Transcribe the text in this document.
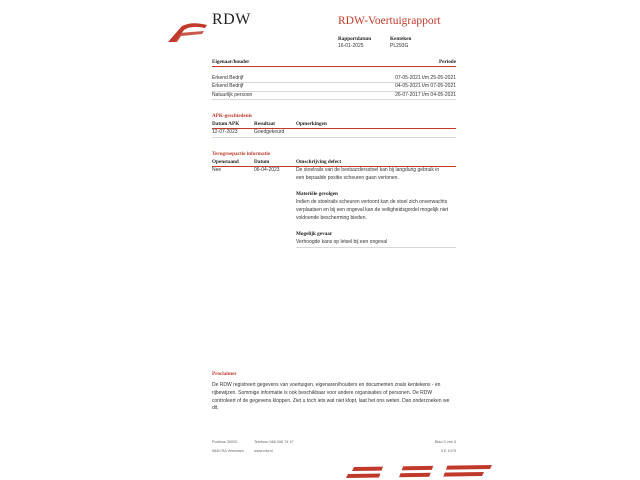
RDW	RDW-Voertuigrapport
Rapportdatum
16-01-2025
Kenteken
PL293G
Eigenaar/houder	Periode
Erkend Bedrijf	07-05-2021 t/m 25-05-2021
Erkend Bedrijf	04-05-2021 t/m 07-05-2021
Natuurlijk persoon	26-07-2017 t/m 04-05-2021
APK-geschiedenis
Datum APK	Resultaat	Opmerkingen
12-07-2023	Goedgekeurd
Terugroepactie informatie
Openstaand	Datum	Omschrijving defect
Nee	06-04-2023	De stoelrails van de bestuurdersstoel kan bij langdurig gebruik in een bepaalde positie scheuren gaan vertonen.
Materiële gevolgen
Indien de stoelrails scheuren vertoont kan de stoel zich onverwachts verplaatsen en bij een ongeval kan de veiligheidsgordel mogelijk niet voldoende bescherming bieden.
Mogelijk gevaar
Verhoogde kans op letsel bij een ongeval
Proclaimer
De RDW registreert gegevens van voertuigen, eigenaren/houders en documenten zoals kentekens - en rijbewijzen. Sommige informatie is ook beschikbaar voor andere organisaties of personen. De RDW controleert of de gegevens kloppen. Ziet u toch iets wat niet klopt, laat het ons weten. Dan onderzoeken we dit.
Postbus 30000
9640 RA Veendam
Telefoon 088 008 74 47
www.rdw.nl
Blad 3 van 3
3 E 1079
